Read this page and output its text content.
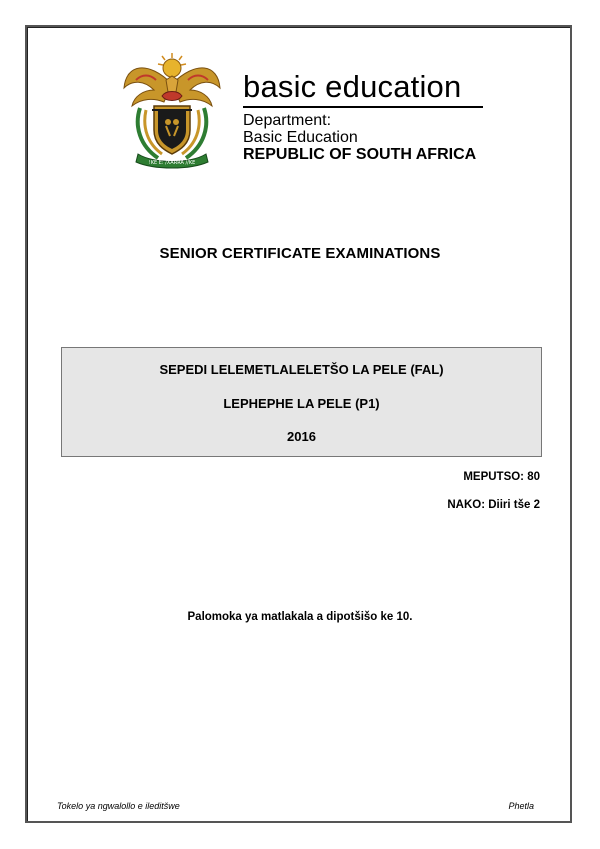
!KE E: /XARRA //KE
basic education
Department:
Basic Education
REPUBLIC OF SOUTH AFRICA
SENIOR CERTIFICATE EXAMINATIONS
SEPEDI LELEMETLALELETŠO LA PELE (FAL)
LEPHEPHE LA PELE (P1)
2016
MEPUTSO: 80
NAKO: Diiri tše 2
Palomoka ya matlakala a dipotšišo ke 10.
Tokelo ya ngwalollo e ileditšwe	Phetla
